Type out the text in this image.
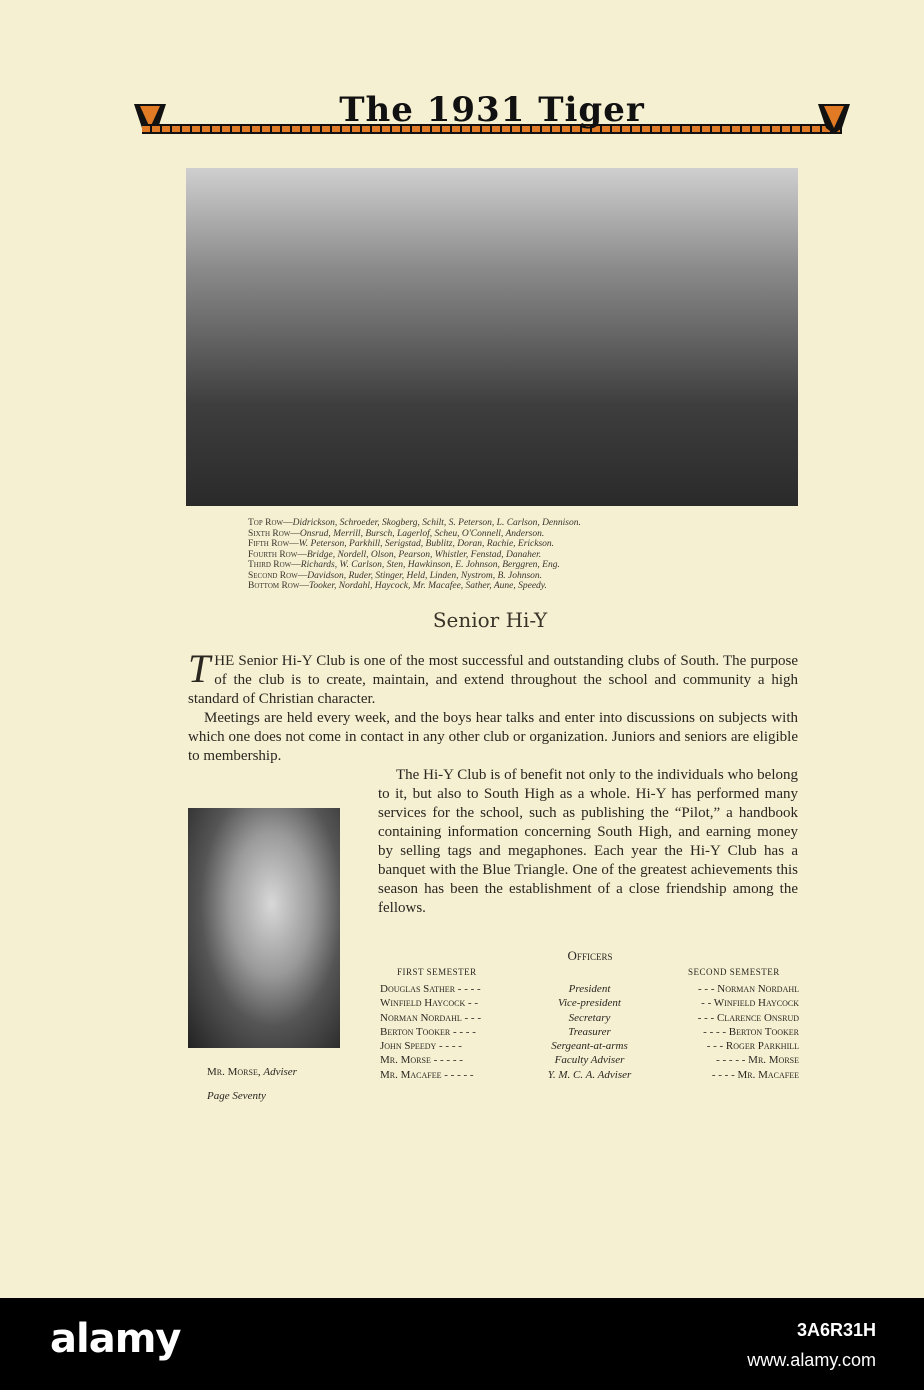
The 1931 Tiger
Top Row—Didrickson, Schroeder, Skogberg, Schilt, S. Peterson, L. Carlson, Dennison.
Sixth Row—Onsrud, Merrill, Bursch, Lagerlof, Scheu, O'Connell, Anderson.
Fifth Row—W. Peterson, Parkhill, Serigstad, Bublitz, Doran, Rachie, Erickson.
Fourth Row—Bridge, Nordell, Olson, Pearson, Whistler, Fenstad, Danaher.
Third Row—Richards, W. Carlson, Sten, Hawkinson, E. Johnson, Berggren, Eng.
Second Row—Davidson, Ruder, Stinger, Held, Linden, Nystrom, B. Johnson.
Bottom Row—Tooker, Nordahl, Haycock, Mr. Macafee, Sather, Aune, Speedy.
Senior Hi-Y
THE Senior Hi-Y Club is one of the most successful and outstanding clubs of South. The purpose of the club is to create, maintain, and extend throughout the school and community a high standard of Christian character.
Meetings are held every week, and the boys hear talks and enter into discussions on subjects with which one does not come in contact in any other club or organization. Juniors and seniors are eligible to membership.
The Hi-Y Club is of benefit not only to the individuals who belong to it, but also to South High as a whole. Hi-Y has performed many services for the school, such as publishing the “Pilot,” a handbook containing information concerning South High, and earning money by selling tags and megaphones. Each year the Hi-Y Club has a banquet with the Blue Triangle. One of the greatest achievements this season has been the establishment of a close friendship among the fellows.
Mr. Morse, Adviser
Page Seventy
Officers
FIRST SEMESTER	SECOND SEMESTER
Douglas Sather - - - -	President	- - - Norman Nordahl
Winfield Haycock - -	Vice-president	- - Winfield Haycock
Norman Nordahl - - -	Secretary	- - - Clarence Onsrud
Berton Tooker - - - -	Treasurer	- - - - Berton Tooker
John Speedy - - - -	Sergeant-at-arms	- - - Roger Parkhill
Mr. Morse - - - - -	Faculty Adviser	- - - - - Mr. Morse
Mr. Macafee - - - - -	Y. M. C. A. Adviser	- - - - Mr. Macafee
alamy	3A6R31H
www.alamy.com
